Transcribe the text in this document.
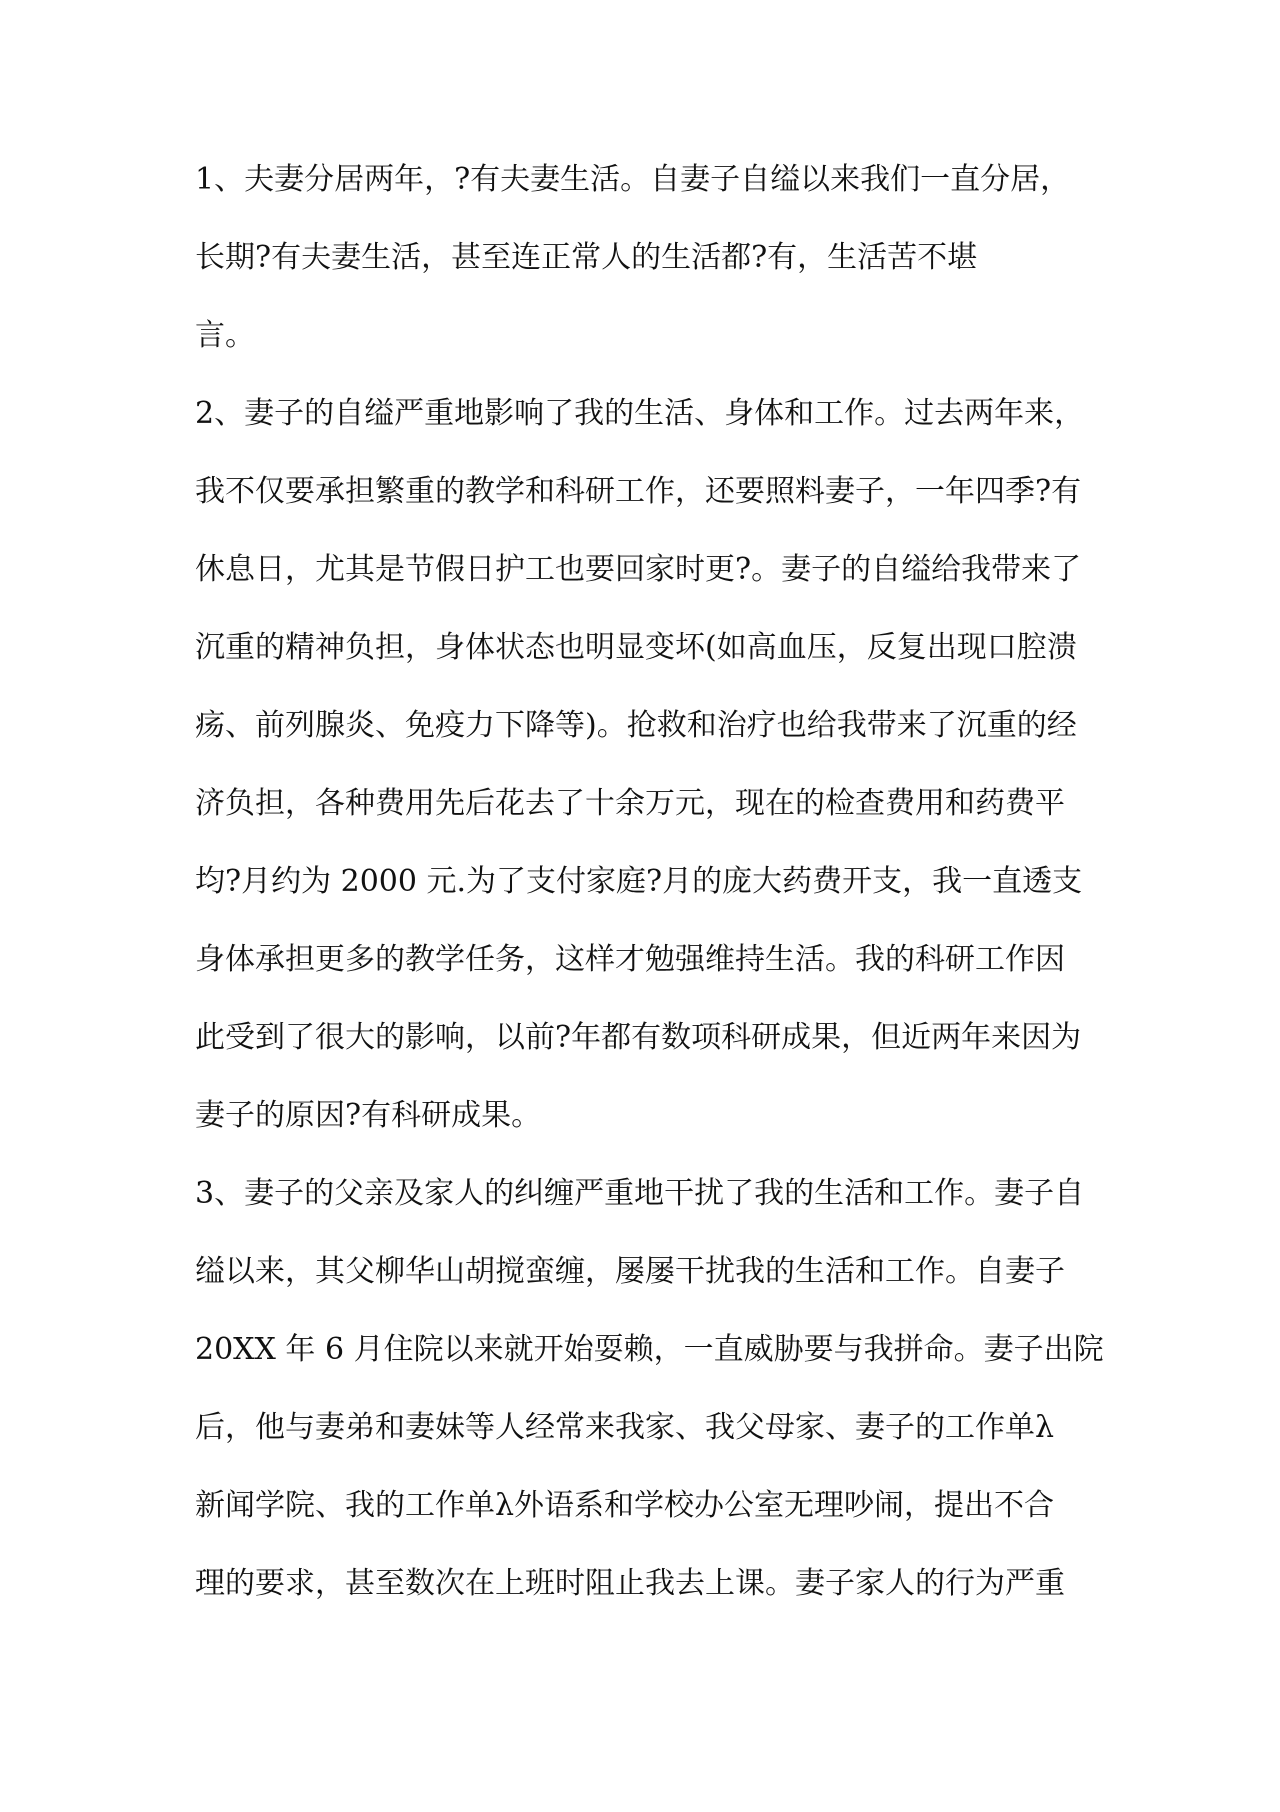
1、夫妻分居两年，?有夫妻生活。自妻子自缢以来我们一直分居，
长期?有夫妻生活，甚至连正常人的生活都?有，生活苦不堪
言。
2、妻子的自缢严重地影响了我的生活、身体和工作。过去两年来，
我不仅要承担繁重的教学和科研工作，还要照料妻子，一年四季?有
休息日，尤其是节假日护工也要回家时更?。妻子的自缢给我带来了
沉重的精神负担，身体状态也明显变坏(如高血压，反复出现口腔溃
疡、前列腺炎、免疫力下降等)。抢救和治疗也给我带来了沉重的经
济负担，各种费用先后花去了十余万元，现在的检查费用和药费平
均?月约为 2000 元.为了支付家庭?月的庞大药费开支，我一直透支
身体承担更多的教学任务，这样才勉强维持生活。我的科研工作因
此受到了很大的影响，以前?年都有数项科研成果，但近两年来因为
妻子的原因?有科研成果。
3、妻子的父亲及家人的纠缠严重地干扰了我的生活和工作。妻子自
缢以来，其父柳华山胡搅蛮缠，屡屡干扰我的生活和工作。自妻子
20XX 年 6 月住院以来就开始耍赖，一直威胁要与我拼命。妻子出院
后，他与妻弟和妻妹等人经常来我家、我父母家、妻子的工作单λ
新闻学院、我的工作单λ外语系和学校办公室无理吵闹，提出不合
理的要求，甚至数次在上班时阻止我去上课。妻子家人的行为严重
